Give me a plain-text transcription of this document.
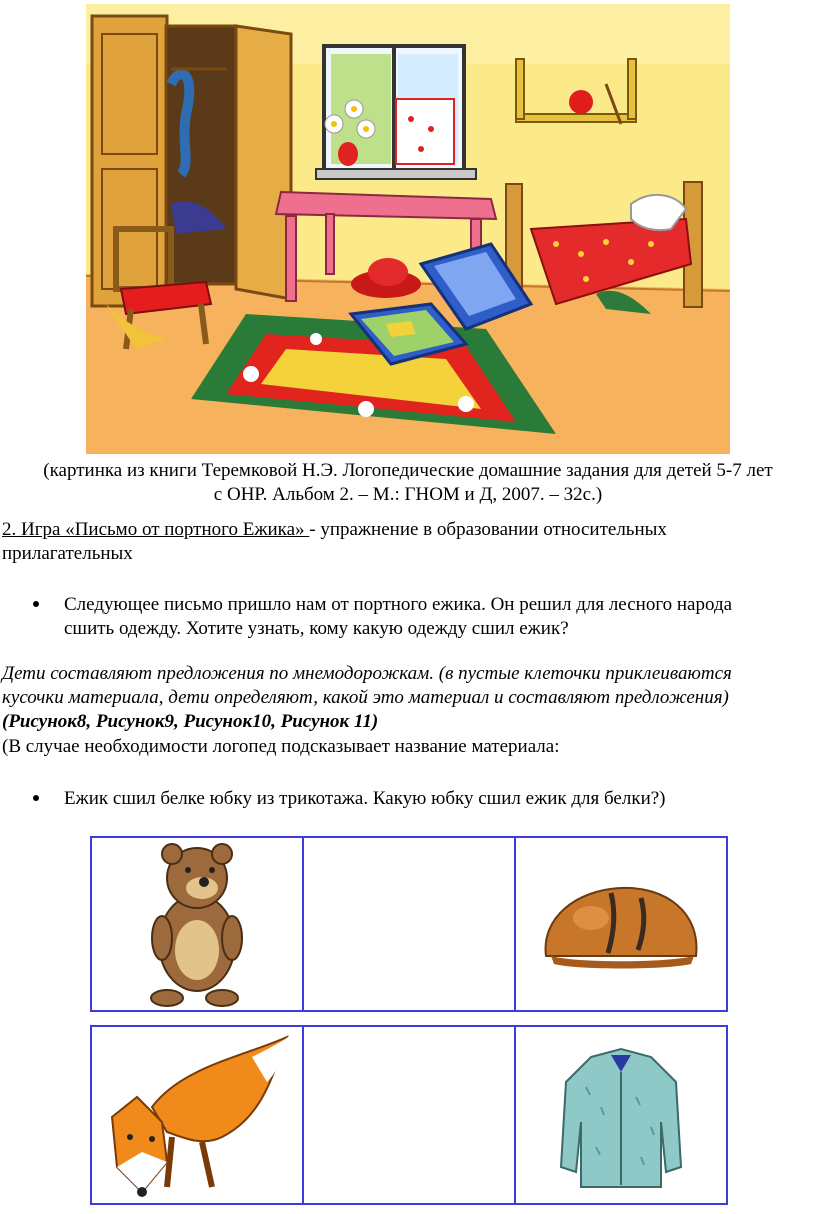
(картинка из книги Теремковой Н.Э. Логопедические домашние задания для детей 5-7 лет
с ОНР. Альбом 2. – М.: ГНОМ и Д, 2007. – 32с.)
2. Игра «Письмо от портного Ежика» - упражнение в образовании относительных
прилагательных
Следующее письмо пришло нам от портного ежика. Он решил для лесного народа
сшить одежду. Хотите узнать, кому какую одежду сшил ежик?
Дети составляют предложения по мнемодорожкам. (в пустые клеточки приклеиваются
кусочки материала, дети определяют, какой это материал и составляют предложения)
(Рисунок8, Рисунок9, Рисунок10, Рисунок 11)
(В случае необходимости логопед подсказывает название материала:
Ежик сшил белке юбку из трикотажа. Какую юбку сшил ежик для белки?)
